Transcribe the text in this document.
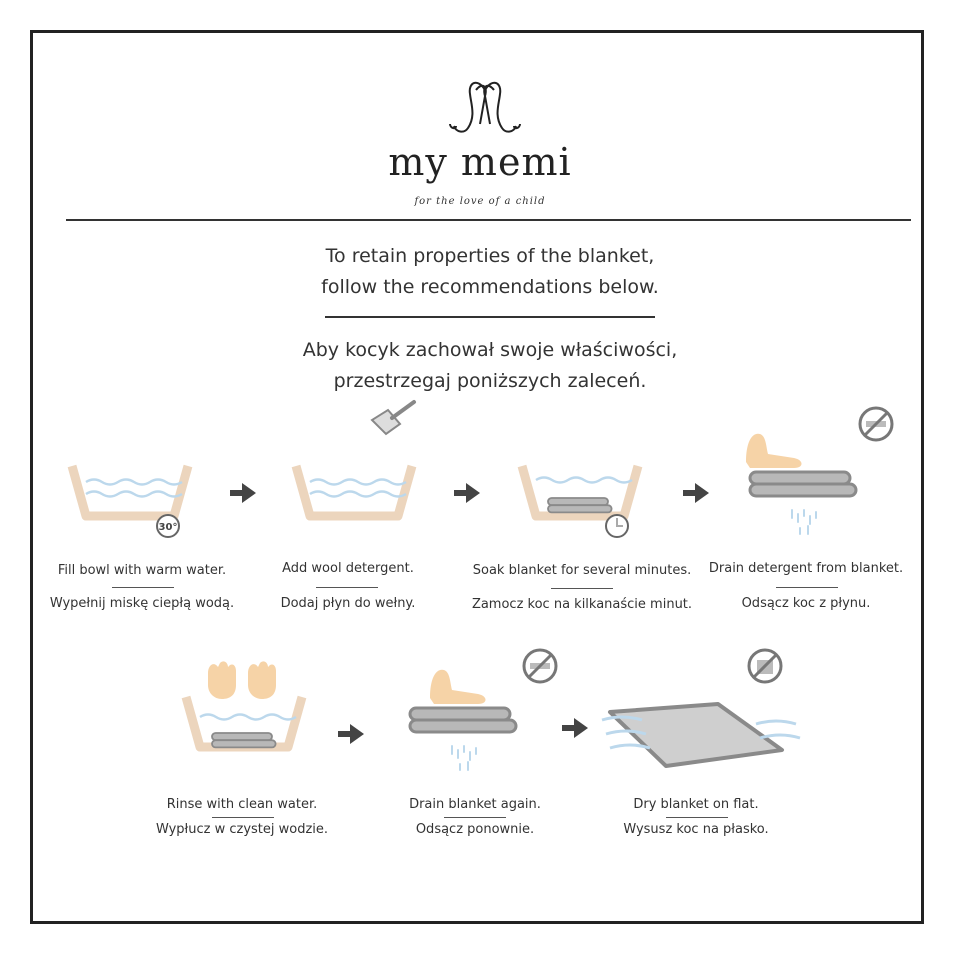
my memi
for the love of a child
To retain properties of the blanket,
follow the recommendations below.
Aby kocyk zachował swoje właściwości,
przestrzegaj poniższych zaleceń.
30°
Fill bowl with warm water.
Wypełnij miskę ciepłą wodą.
Add wool detergent.
Dodaj płyn do wełny.
Soak blanket for several minutes.
Zamocz koc na kilkanaście minut.
Drain detergent from blanket.
Odsącz koc z płynu.
Rinse with clean water.
Wypłucz w czystej wodzie.
Drain blanket again.
Odsącz ponownie.
Dry blanket on flat.
Wysusz koc na płasko.
